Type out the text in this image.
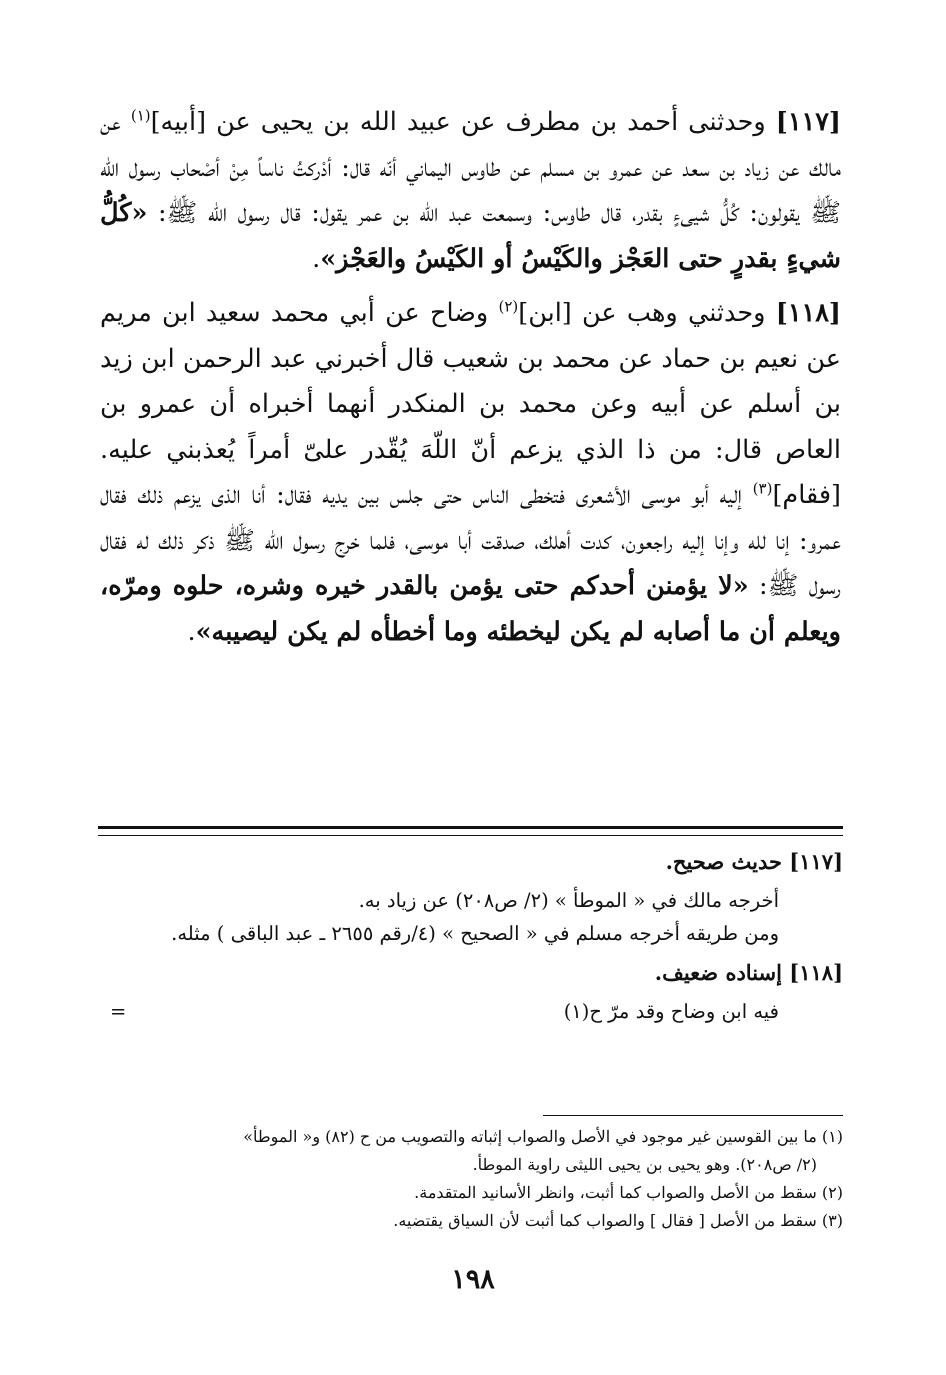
[١١٧] وحدثنى أحمد بن مطرف عن عبيد الله بن يحيى عن [أبيه]$^{(١)}$ عن مالك عن زياد بن سعد عن عمرو بن مسلم عن طاوس اليماني أنّه قال: أدْركتُ ناساً مِنْ أصْحاب رسول الله ﷺ يقولون: كُلُّ شيىءٍ بقدر، قال طاوس: وسمعت عبد الله بن عمر يقول: قال رسول الله ﷺ: «كُلُّ شيءٍ بقدرٍ حتى العَجْز والكَيْسُ أو الكَيْسُ والعَجْز».

[١١٨] وحدثني وهب عن [ابن]$^{(٢)}$ وضاح عن أبي محمد سعيد ابن مريم عن نعيم بن حماد عن محمد بن شعيب قال أخبرني عبد الرحمن ابن زيد بن أسلم عن أبيه وعن محمد بن المنكدر أنهما أخبراه أن عمرو بن العاص قال: من ذا الذي يزعم أنّ اللّهَ يُقّدر علىّ أمراً يُعذبني عليه. [فقام]$^{(٣)}$ إليه أبو موسى الأشعرى فتخطى الناس حتى جلس بين يديه فقال: أنا الذى يزعم ذلك فقال عمرو: إنا لله وإنا إليه راجعون، كدت أهلك، صدقت أبا موسى، فلما خرج رسول الله ﷺ ذكر ذلك له فقال رسول ﷺ: «لا يؤمنن أحدكم حتى يؤمن بالقدر خيره وشره، حلوه ومرّه، ويعلم أن ما أصابه لم يكن ليخطئه وما أخطأه لم يكن ليصيبه».

[١١٧] حديث صحيح.

أخرجه مالك في « الموطأ » (٢/ ص٢٠٨) عن زياد به.

ومن طريقه أخرجه مسلم في « الصحيح » (٤/رقم ٢٦٥٥ ـ عبد الباقى ) مثله.

[١١٨] إسناده ضعيف.

فيه ابن وضاح وقد مرّ ح(١)
=

(١) ما بين القوسين غير موجود في الأصل والصواب إثباته والتصويب من ح (٨٢) و« الموطأ»

(٢/ ص٢٠٨). وهو يحيى بن يحيى الليثى راوية الموطأ.

(٢) سقط من الأصل والصواب كما أثبت، وانظر الأسانيد المتقدمة.

(٣) سقط من الأصل [ فقال ] والصواب كما أثبت لأن السياق يقتضيه.

١٩٨
